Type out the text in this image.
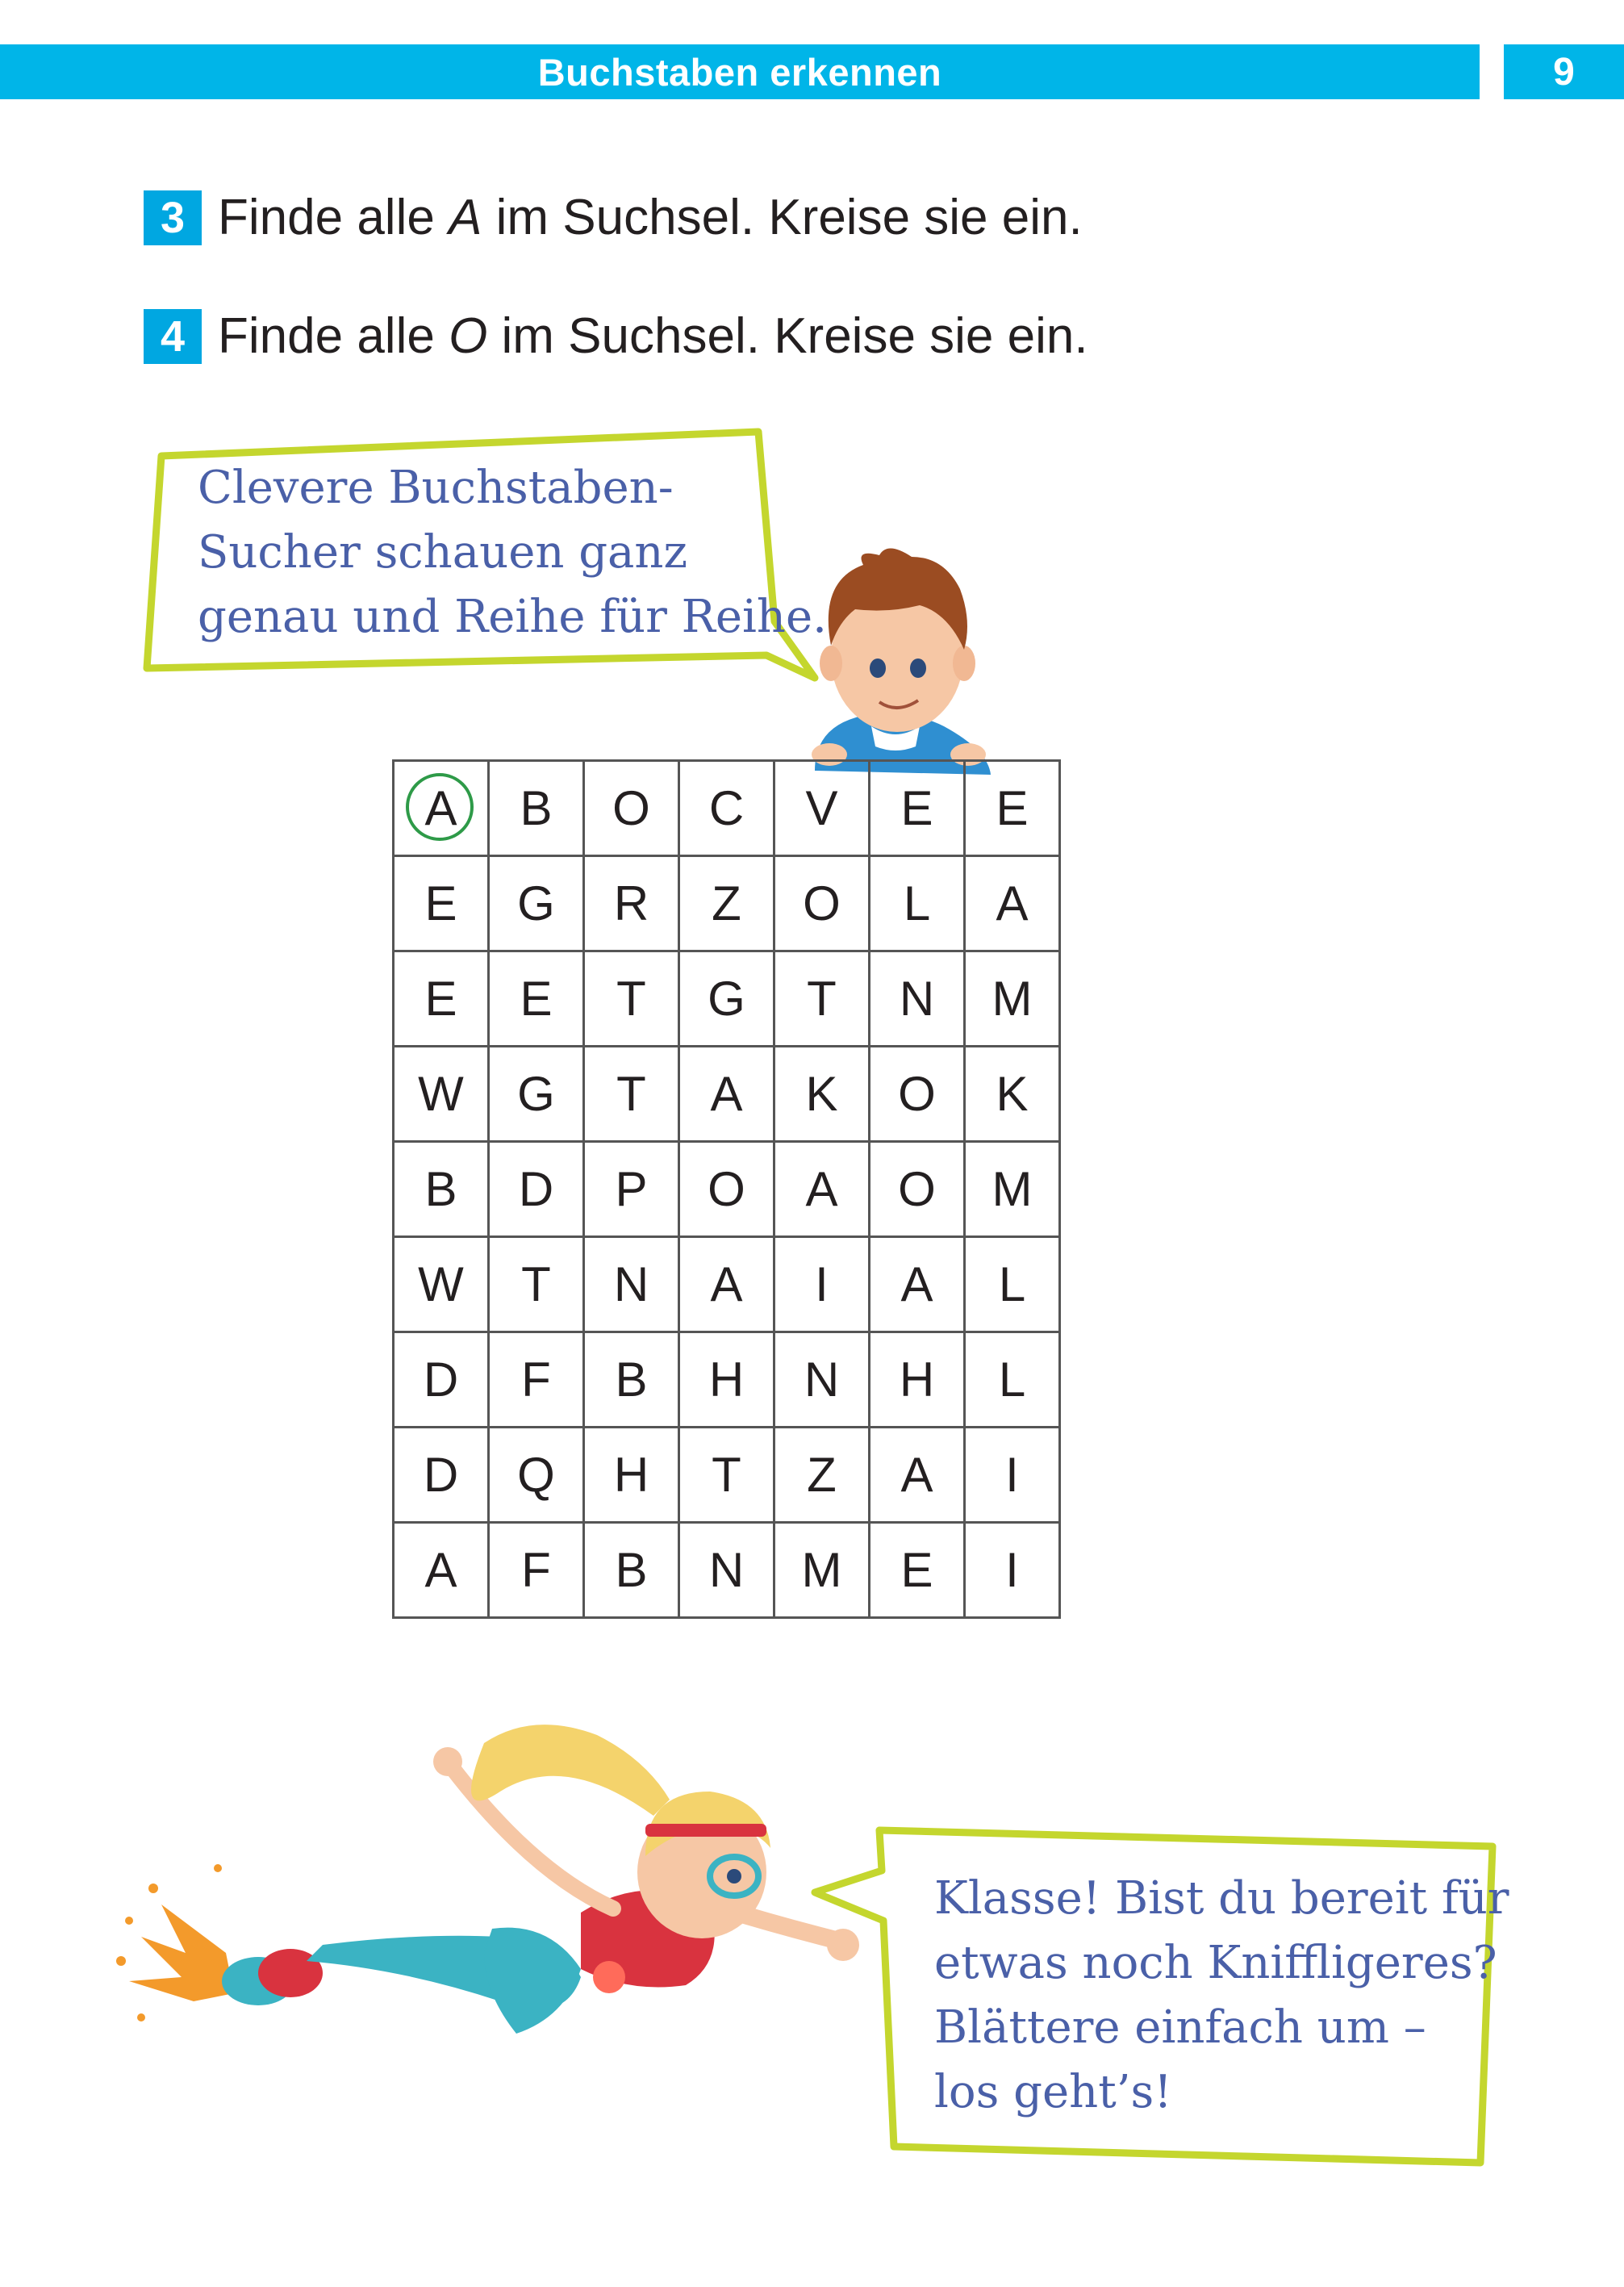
Buchstaben erkennen	9
3 Finde alle A im Suchsel. Kreise sie ein.
4 Finde alle O im Suchsel. Kreise sie ein.
Clevere Buchstaben-
Sucher schauen ganz
genau und Reihe für Reihe.
Klasse! Bist du bereit für
etwas noch Kniffligeres?
Blättere einfach um –
los geht’s!
A	B	O	C	V	E	E
E	G	R	Z	O	L	A
E	E	T	G	T	N	M
W	G	T	A	K	O	K
B	D	P	O	A	O	M
W	T	N	A	I	A	L
D	F	B	H	N	H	L
D	Q	H	T	Z	A	I
A	F	B	N	M	E	I
